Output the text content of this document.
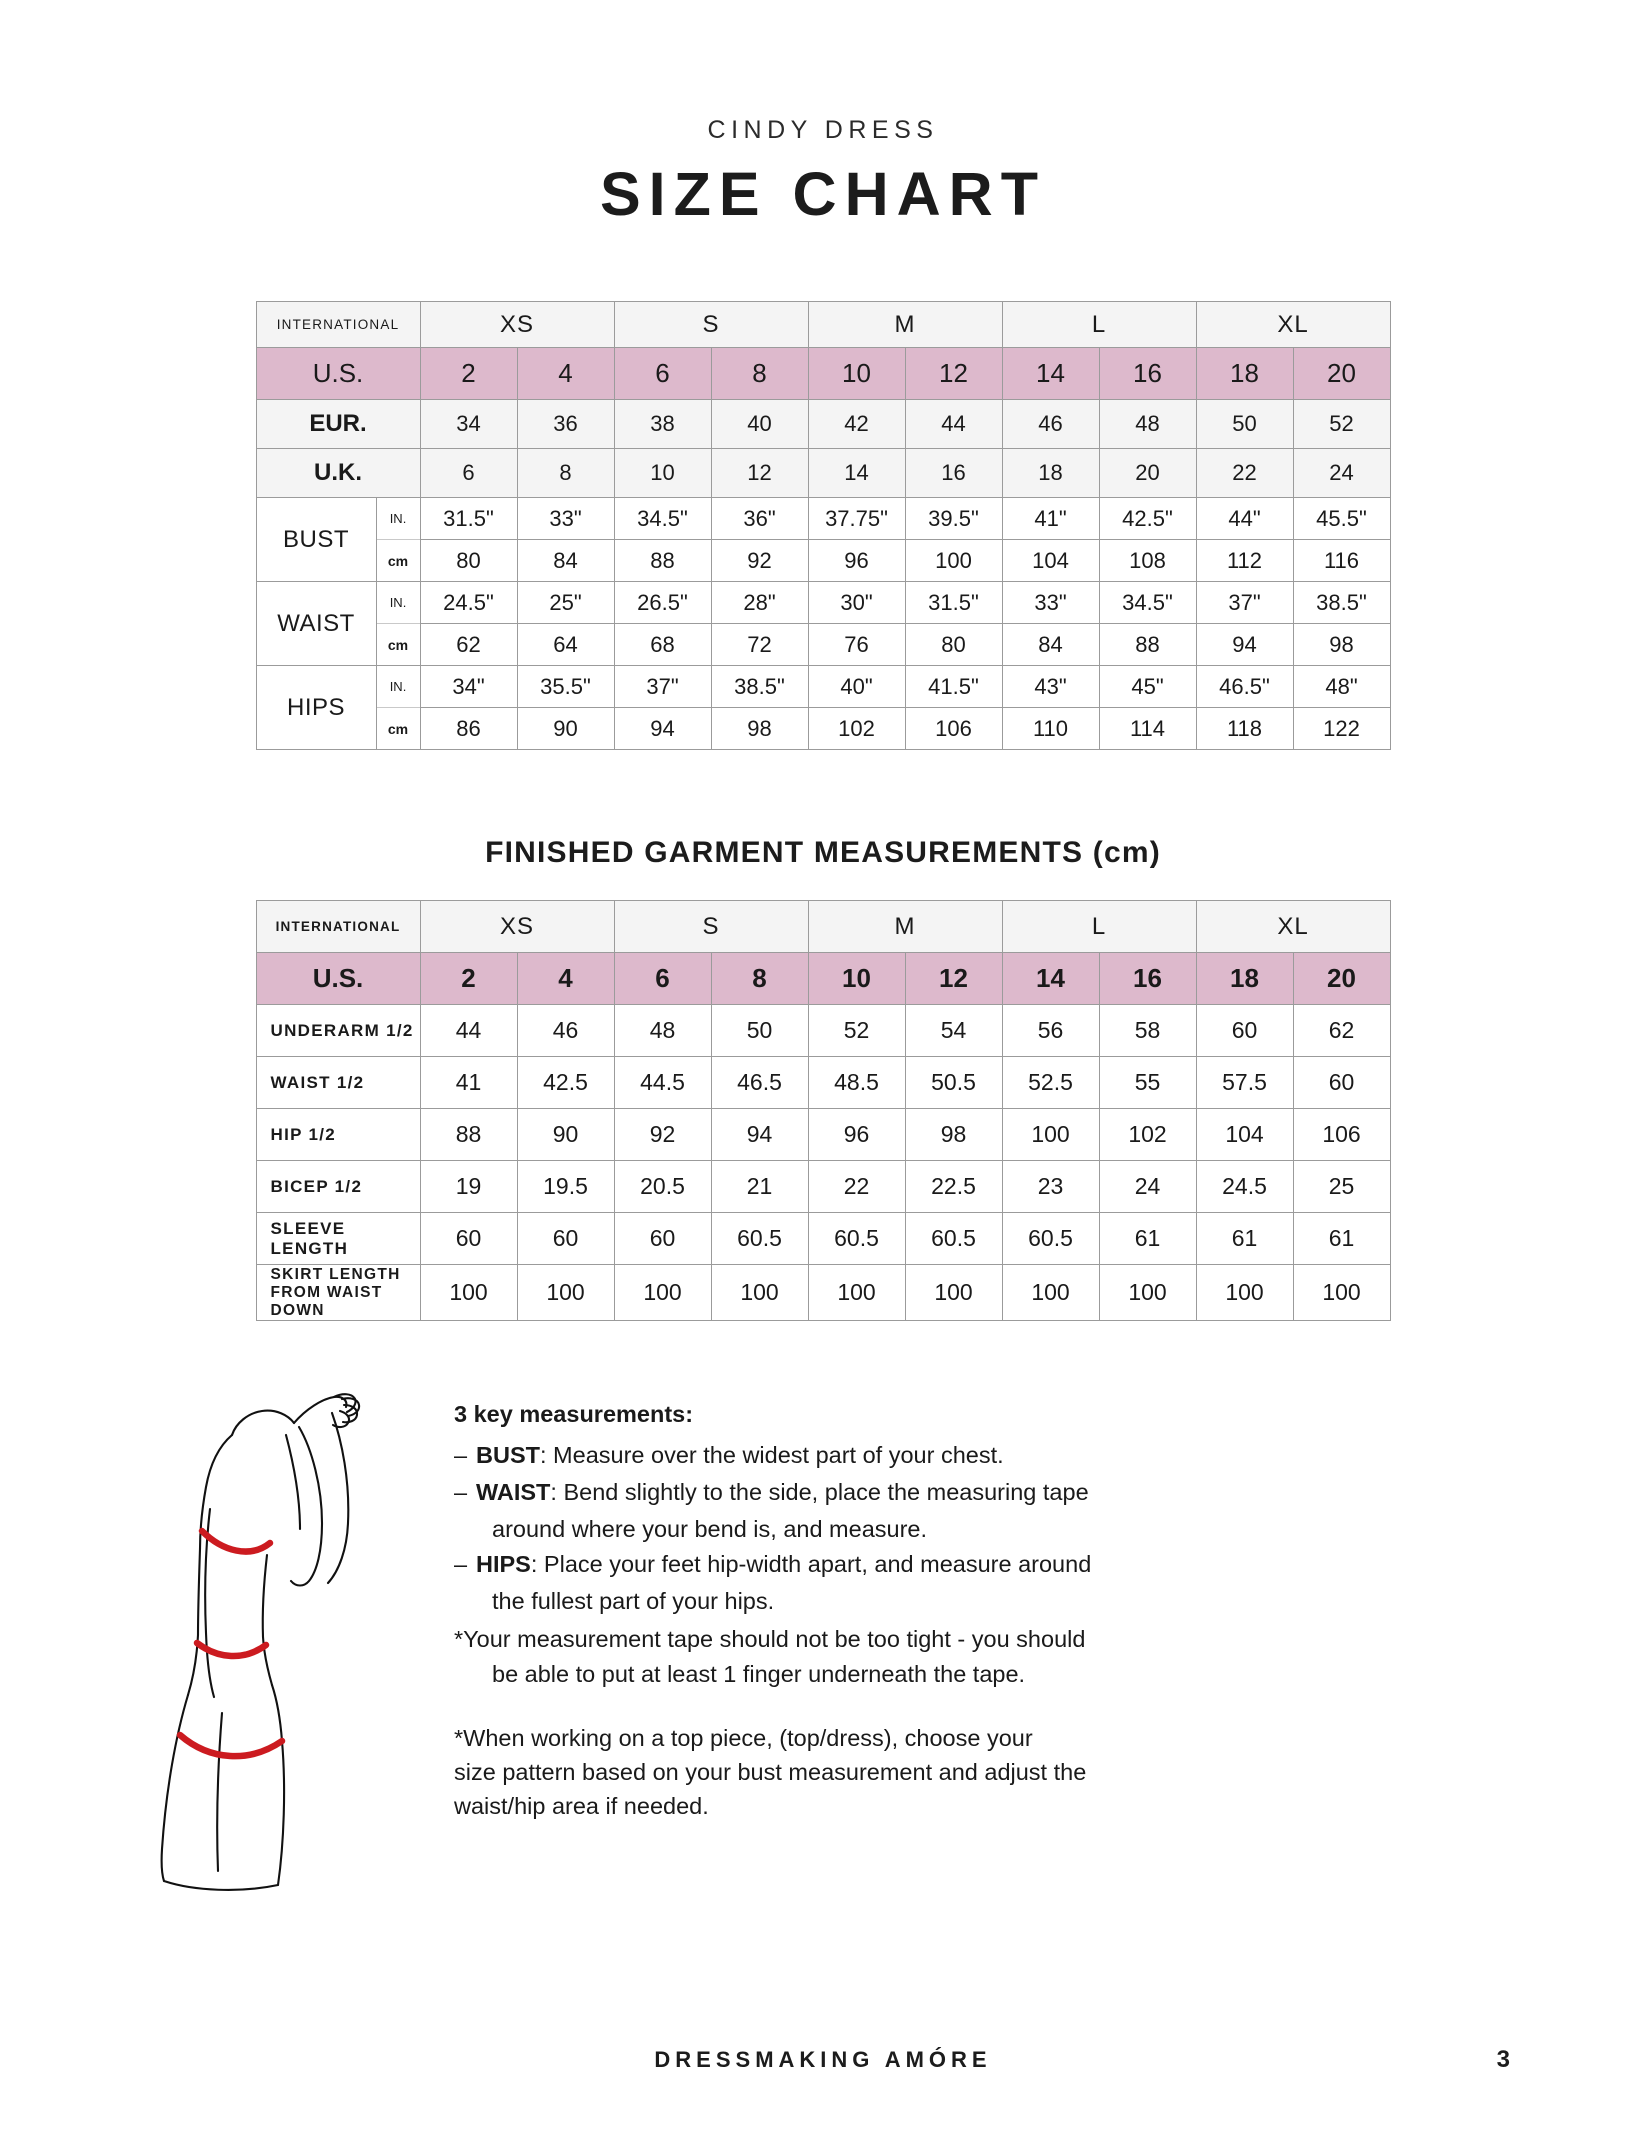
CINDY DRESS
SIZE CHART
INTERNATIONAL		XS		S		M		L		XL	
U.S.		2	4	6	8	10	12	14	16	18	20
EUR.		34	36	38	40	42	44	46	48	50	52
U.K.		6	8	10	12	14	16	18	20	22	24
BUST	IN.	31.5"	33"	34.5"	36"	37.75"	39.5"	41"	42.5"	44"	45.5"
	cm	80	84	88	92	96	100	104	108	112	116
WAIST	IN.	24.5"	25"	26.5"	28"	30"	31.5"	33"	34.5"	37"	38.5"
	cm	62	64	68	72	76	80	84	88	94	98
HIPS	IN.	34"	35.5"	37"	38.5"	40"	41.5"	43"	45"	46.5"	48"
	cm	86	90	94	98	102	106	110	114	118	122
FINISHED GARMENT MEASUREMENTS (cm)
INTERNATIONAL	XS		S		M		L		XL	
U.S.	2	4	6	8	10	12	14	16	18	20
UNDERARM 1/2	44	46	48	50	52	54	56	58	60	62
WAIST 1/2	41	42.5	44.5	46.5	48.5	50.5	52.5	55	57.5	60
HIP 1/2	88	90	92	94	96	98	100	102	104	106
BICEP 1/2	19	19.5	20.5	21	22	22.5	23	24	24.5	25
SLEEVE LENGTH	60	60	60	60.5	60.5	60.5	60.5	61	61	61
SKIRT LENGTH
FROM WAIST DOWN	100	100	100	100	100	100	100	100	100	100
3 key measurements:
– BUST: Measure over the widest part of your chest.
– WAIST: Bend slightly to the side, place the measuring tape
around where your bend is, and measure.
– HIPS: Place your feet hip-width apart, and measure around
the fullest part of your hips.
*Your measurement tape should not be too tight - you should
be able to put at least 1 finger underneath the tape.
*When working on a top piece, (top/dress), choose your
size pattern based on your bust measurement and adjust the
waist/hip area if needed.
DRESSMAKING AMÓRE	3
